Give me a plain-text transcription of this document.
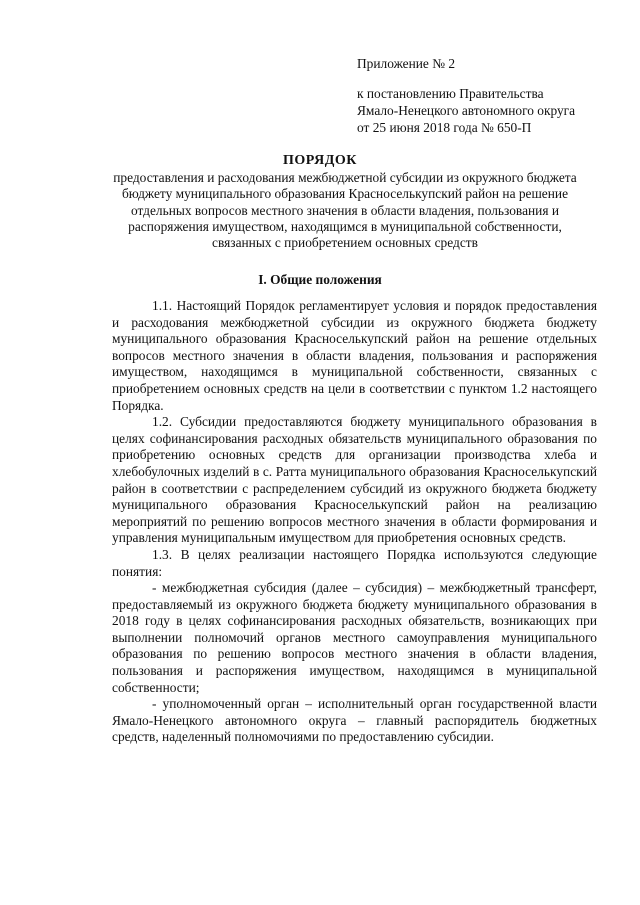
Приложение № 2
к постановлению Правительства
Ямало-Ненецкого автономного округа
от 25 июня 2018 года № 650-П
ПОРЯДОК
предоставления и расходования межбюджетной субсидии из окружного бюджета бюджету муниципального образования Красноселькупский район на решение отдельных вопросов местного значения в области владения, пользования и распоряжения имуществом, находящимся в муниципальной собственности, связанных с приобретением основных средств
I. Общие положения

1.1. Настоящий Порядок регламентирует условия и порядок предоставления и расходования межбюджетной субсидии из окружного бюджета бюджету муниципального образования Красноселькупский район на решение отдельных вопросов местного значения в области владения, пользования и распоряжения имуществом, находящимся в муниципальной собственности, связанных с приобретением основных средств на цели в соответствии с пунктом 1.2 настоящего Порядка.

1.2. Субсидии предоставляются бюджету муниципального образования в целях софинансирования расходных обязательств муниципального образования по приобретению основных средств для организации производства хлеба и хлебобулочных изделий в с. Ратта муниципального образования Красноселькупский район в соответствии с распределением субсидий из окружного бюджета бюджету муниципального образования Красноселькупский район на реализацию мероприятий по решению вопросов местного значения в области формирования и управления муниципальным имуществом для приобретения основных средств.

1.3. В целях реализации настоящего Порядка используются следующие понятия:

- межбюджетная субсидия (далее – субсидия) – межбюджетный трансферт, предоставляемый из окружного бюджета бюджету муниципального образования в 2018 году в целях софинансирования расходных обязательств, возникающих при выполнении полномочий органов местного самоуправления муниципального образования по решению вопросов местного значения в области владения, пользования и распоряжения имуществом, находящимся в муниципальной собственности;

- уполномоченный орган – исполнительный орган государственной власти Ямало-Ненецкого автономного округа – главный распорядитель бюджетных средств, наделенный полномочиями по предоставлению субсидии.
